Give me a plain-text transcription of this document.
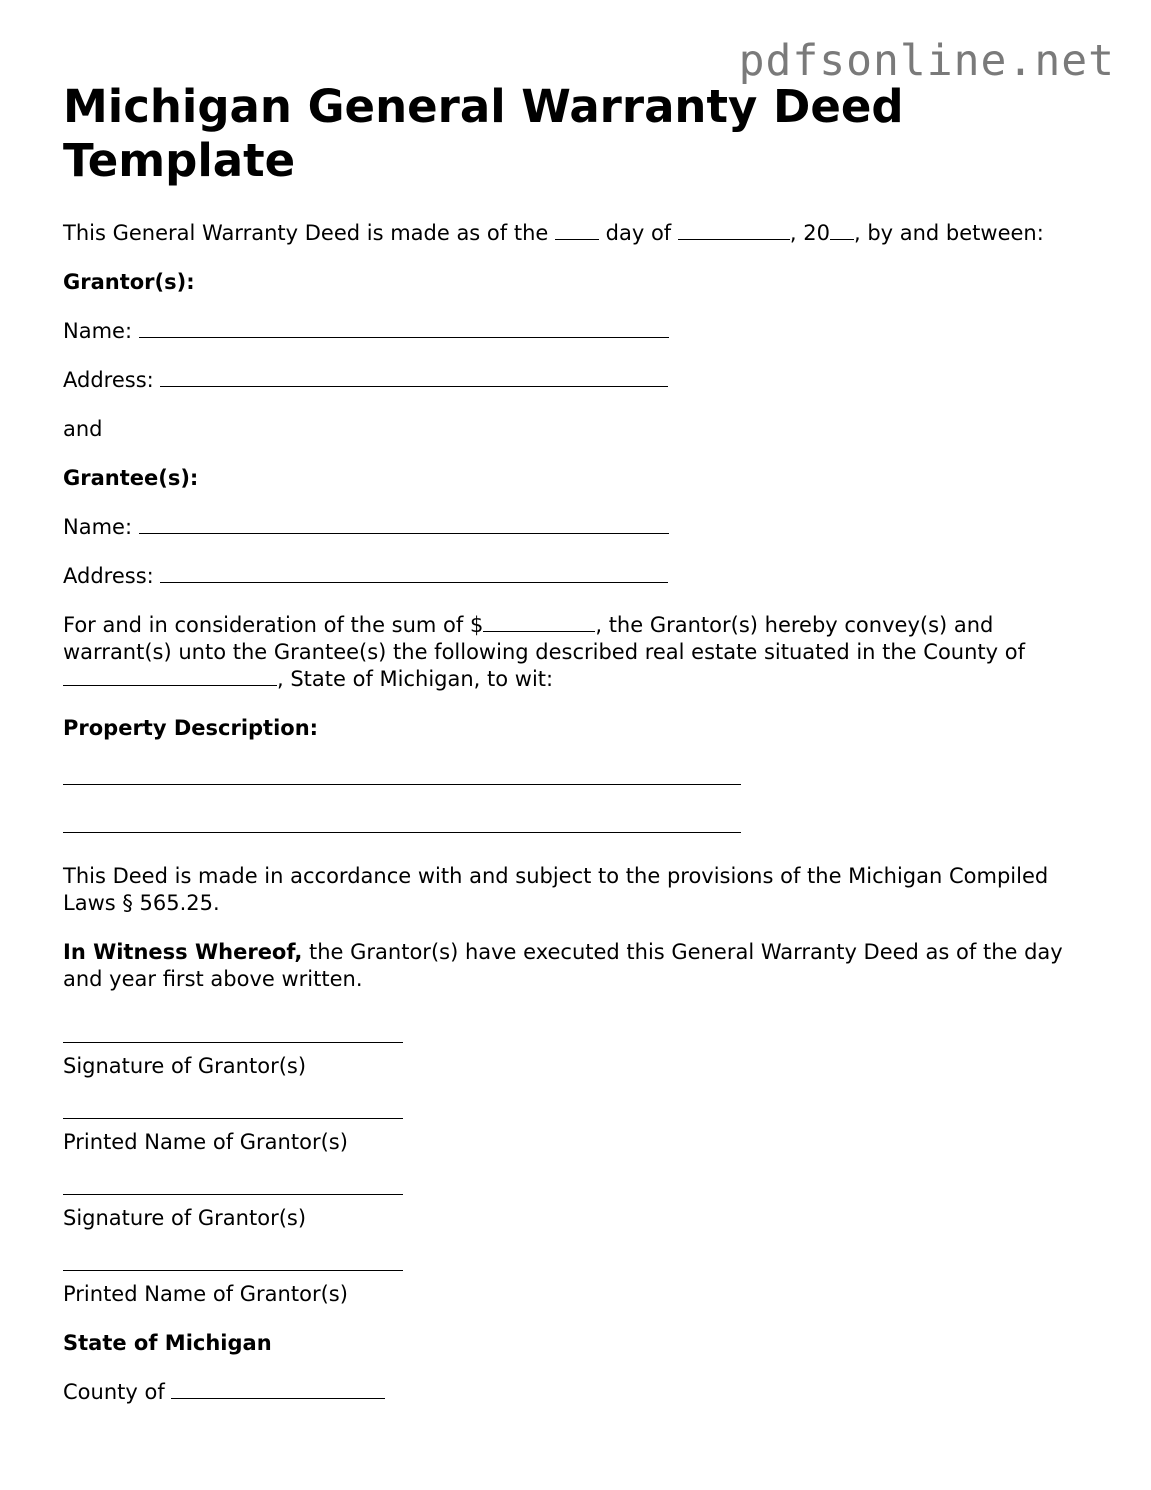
pdfsonline.net
Michigan General Warranty Deed Template

This General Warranty Deed is made as of the  day of	, 20 , by and between:

Grantor(s):

Name:

Address:

and

Grantee(s):

Name:

Address:

For and in consideration of the sum of $	, the Grantor(s) hereby convey(s) and warrant(s) unto the Grantee(s) the following described real estate situated in the County of , State of Michigan, to wit:

Property Description:

This Deed is made in accordance with and subject to the provisions of the Michigan Compiled Laws § 565.25.

In Witness Whereof, the Grantor(s) have executed this General Warranty Deed as of the day and year first above written.

Signature of Grantor(s)

Printed Name of Grantor(s)

Signature of Grantor(s)

Printed Name of Grantor(s)

State of Michigan

County of
